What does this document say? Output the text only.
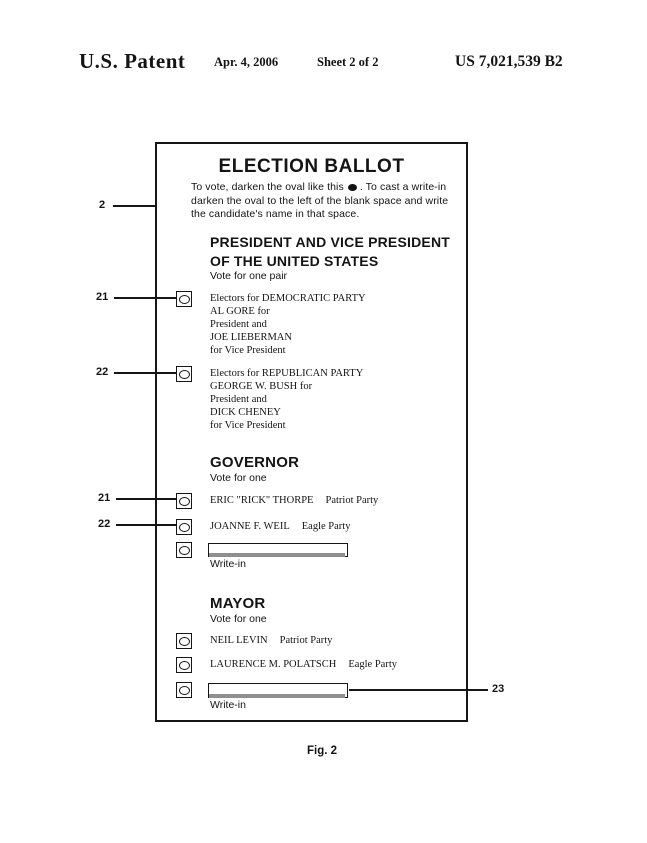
U.S. Patent Apr. 4, 2006	Sheet 2 of 2	US 7,021,539 B2
ELECTION BALLOT
To vote, darken the oval like this . To cast a write-in darken the oval to the left of the blank space and write the candidate's name in that space.
PRESIDENT AND VICE PRESIDENT
OF THE UNITED STATES
Vote for one pair
Electors for DEMOCRATIC PARTY
AL GORE for
President and
JOE LIEBERMAN
for Vice President
Electors for REPUBLICAN PARTY
GEORGE W. BUSH for
President and
DICK CHENEY
for Vice President
GOVERNOR
Vote for one
ERIC "RICK" THORPE Patriot Party
JOANNE F. WEIL Eagle Party
Write-in
MAYOR
Vote for one
NEIL LEVIN Patriot Party
LAURENCE M. POLATSCH Eagle Party
Write-in
2
21
22
21
22
23
Fig. 2
